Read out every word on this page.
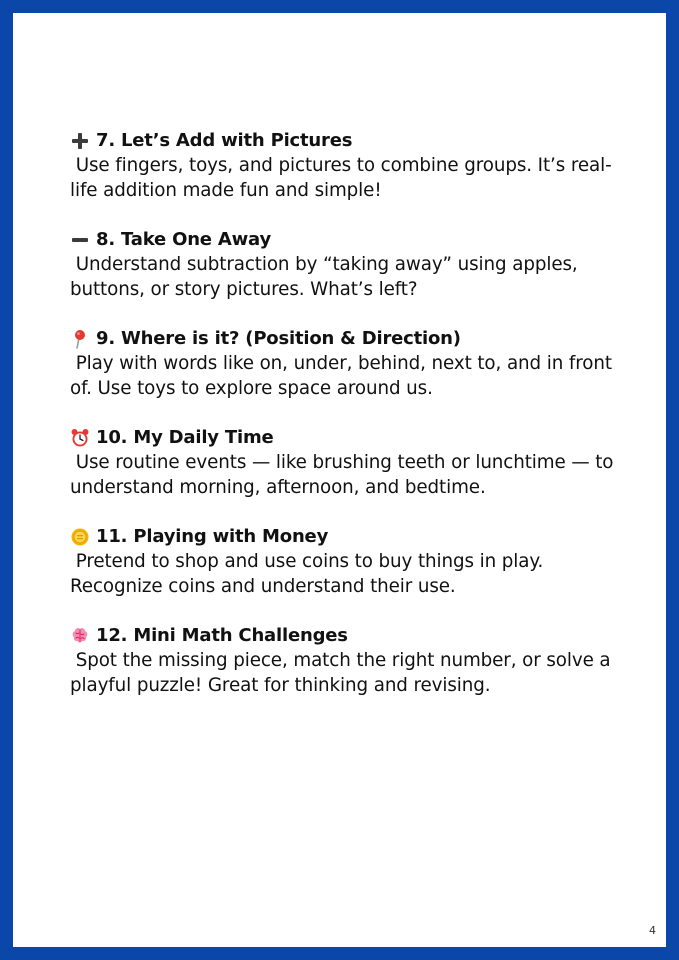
7. Let’s Add with Pictures
Use fingers, toys, and pictures to combine groups. It’s real-life addition made fun and simple!
8. Take One Away
Understand subtraction by “taking away” using apples, buttons, or story pictures. What’s left?
9. Where is it? (Position & Direction)
Play with words like on, under, behind, next to, and in front of. Use toys to explore space around us.
10. My Daily Time
Use routine events — like brushing teeth or lunchtime — to understand morning, afternoon, and bedtime.
11. Playing with Money
Pretend to shop and use coins to buy things in play. Recognize coins and understand their use.
12. Mini Math Challenges
Spot the missing piece, match the right number, or solve a playful puzzle! Great for thinking and revising.
4
